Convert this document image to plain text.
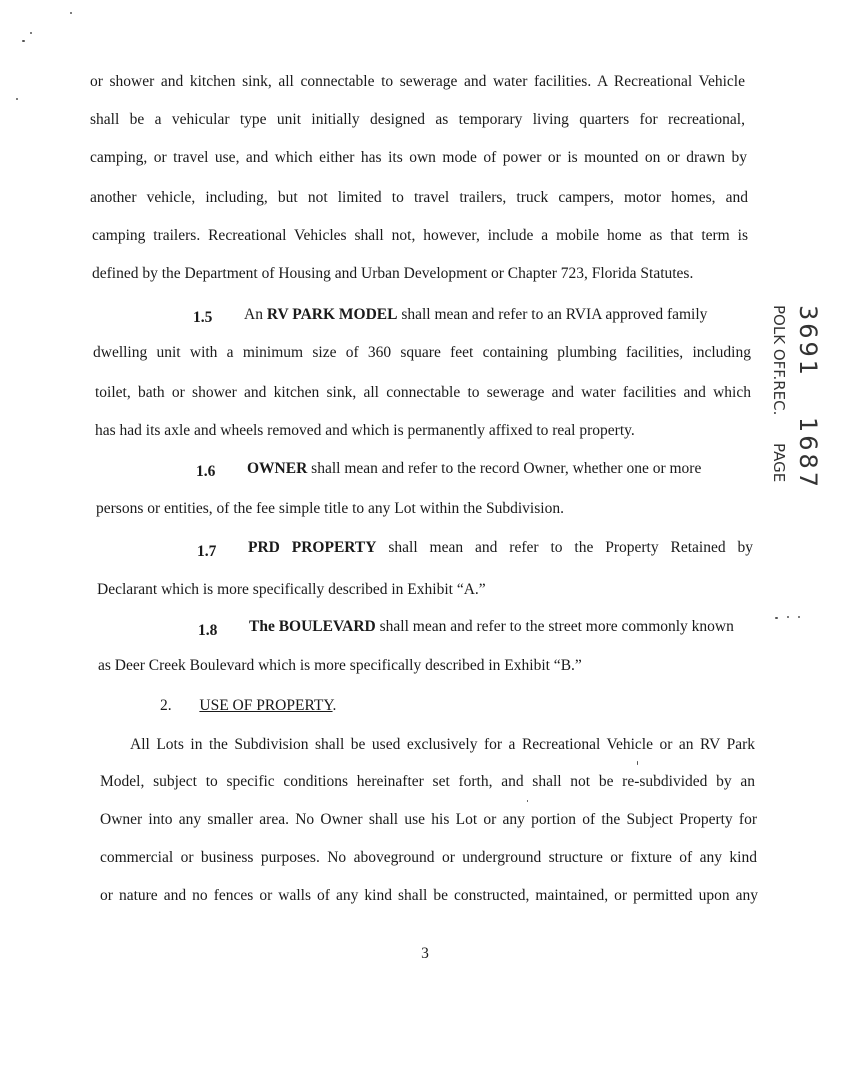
or shower and kitchen sink, all connectable to sewerage and water facilities. A Recreational Vehicle
shall be a vehicular type unit initially designed as temporary living quarters for recreational,
camping, or travel use, and which either has its own mode of power or is mounted on or drawn by
another vehicle, including, but not limited to travel trailers, truck campers, motor homes, and
camping trailers. Recreational Vehicles shall not, however, include a mobile home as that term is
defined by the Department of Housing and Urban Development or Chapter 723, Florida Statutes.
1.5 An RV PARK MODEL shall mean and refer to an RVIA approved family
dwelling unit with a minimum size of 360 square feet containing plumbing facilities, including
toilet, bath or shower and kitchen sink, all connectable to sewerage and water facilities and which
has had its axle and wheels removed and which is permanently affixed to real property.
1.6 OWNER shall mean and refer to the record Owner, whether one or more
persons or entities, of the fee simple title to any Lot within the Subdivision.
1.7 PRD PROPERTY shall mean and refer to the Property Retained by
Declarant which is more specifically described in Exhibit “A.”
1.8 The BOULEVARD shall mean and refer to the street more commonly known
as Deer Creek Boulevard which is more specifically described in Exhibit “B.”
2. USE OF PROPERTY.
All Lots in the Subdivision shall be used exclusively for a Recreational Vehicle or an RV Park
Model, subject to specific conditions hereinafter set forth, and shall not be re-subdivided by an
Owner into any smaller area. No Owner shall use his Lot or any portion of the Subject Property for
commercial or business purposes. No aboveground or underground structure or fixture of any kind
or nature and no fences or walls of any kind shall be constructed, maintained, or permitted upon any
3691
1687
POLK OFF.REC.
PAGE
3
